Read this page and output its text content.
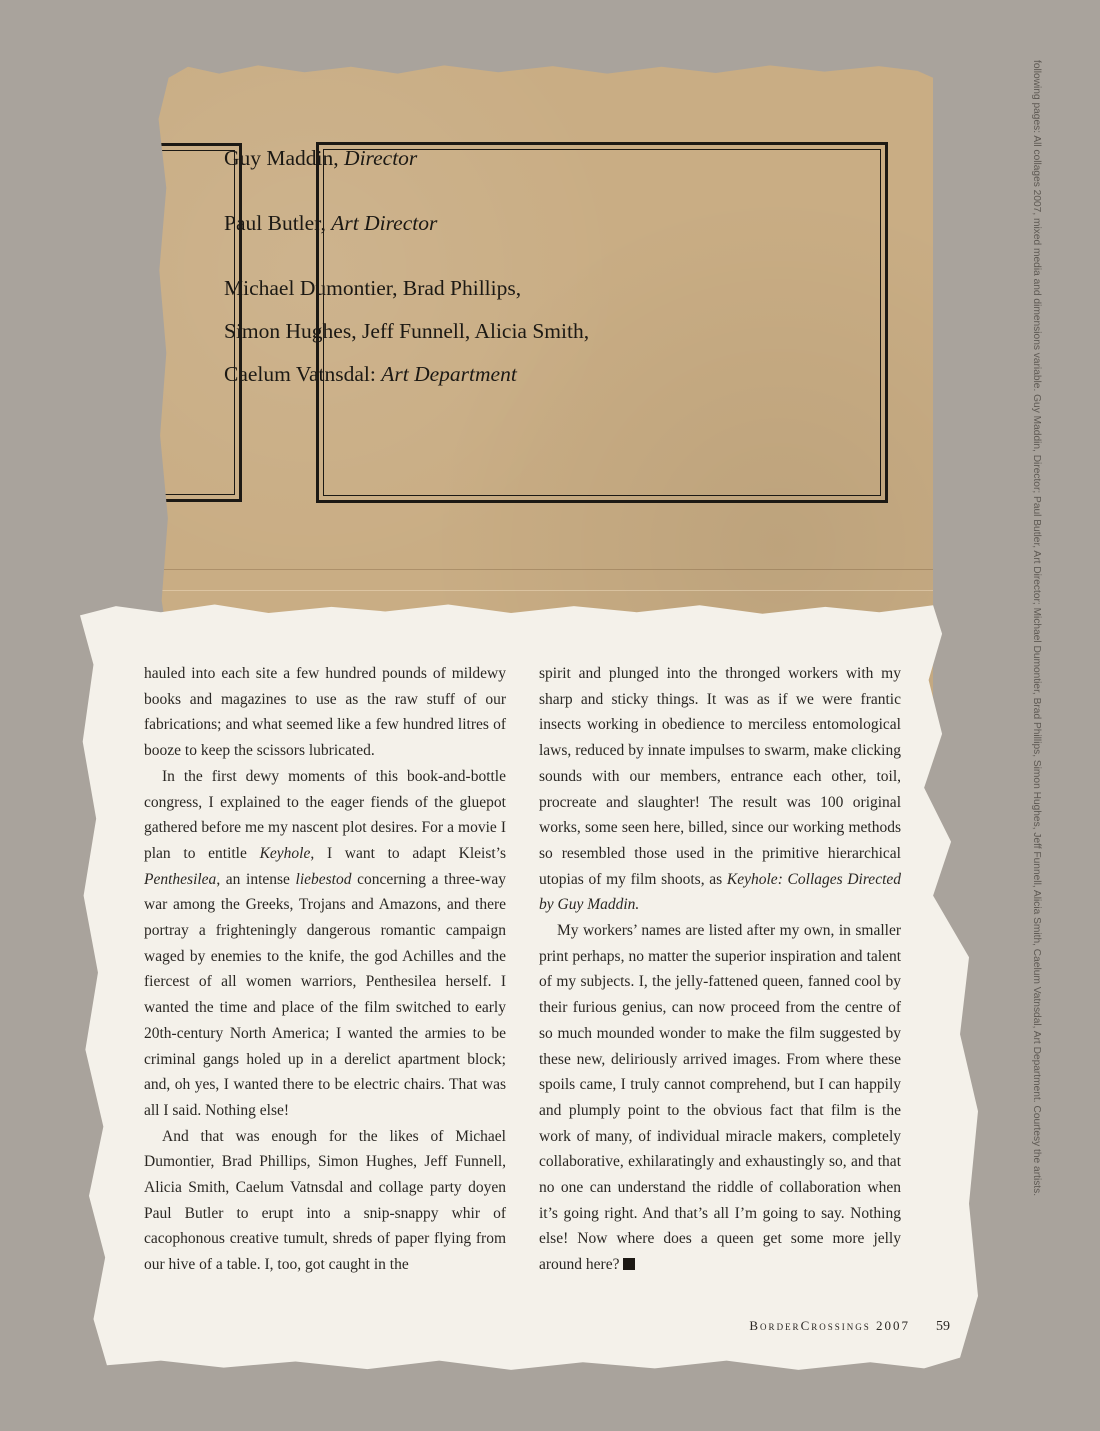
Guy Maddin, Director

Paul Butler, Art Director

Michael Dumontier, Brad Phillips,

Simon Hughes, Jeff Funnell, Alicia Smith,

Caelum Vatnsdal: Art Department

hauled into each site a few hundred pounds of mildewy books and magazines to use as the raw stuff of our fabrications; and what seemed like a few hundred litres of booze to keep the scissors lubricated.

In the first dewy moments of this book-and-bottle congress, I explained to the eager fiends of the gluepot gathered before me my nascent plot desires. For a movie I plan to entitle Keyhole, I want to adapt Kleist’s Penthesilea, an intense liebestod concerning a three-way war among the Greeks, Trojans and Amazons, and there portray a frighteningly dangerous romantic campaign waged by enemies to the knife, the god Achilles and the fiercest of all women warriors, Penthesilea herself. I wanted the time and place of the film switched to early 20th-century North America; I wanted the armies to be criminal gangs holed up in a derelict apartment block; and, oh yes, I wanted there to be electric chairs. That was all I said. Nothing else!

And that was enough for the likes of Michael Dumontier, Brad Phillips, Simon Hughes, Jeff Funnell, Alicia Smith, Caelum Vatnsdal and collage party doyen Paul Butler to erupt into a snip-snappy whir of cacophonous creative tumult, shreds of paper flying from our hive of a table. I, too, got caught in the

spirit and plunged into the thronged workers with my sharp and sticky things. It was as if we were frantic insects working in obedience to merciless entomological laws, reduced by innate impulses to swarm, make clicking sounds with our members, entrance each other, toil, procreate and slaughter! The result was 100 original works, some seen here, billed, since our working methods so resembled those used in the primitive hierarchical utopias of my film shoots, as Keyhole: Collages Directed by Guy Maddin.

My workers’ names are listed after my own, in smaller print perhaps, no matter the superior inspiration and talent of my subjects. I, the jelly-fattened queen, fanned cool by their furious genius, can now proceed from the centre of so much mounded wonder to make the film suggested by these new, deliriously arrived images. From where these spoils came, I truly cannot comprehend, but I can happily and plumply point to the obvious fact that film is the work of many, of individual miracle makers, completely collaborative, exhilaratingly and exhaustingly so, and that no one can understand the riddle of collaboration when it’s going right. And that’s all I’m going to say. Nothing else! Now where does a queen get some more jelly around here?

BorderCrossings 2007 59
following pages: All collages 2007, mixed media and dimensions variable. Guy Maddin, Director; Paul Butler, Art Director; Michael Dumontier, Brad Phillips, Simon Hughes, Jeff Funnell, Alicia Smith, Caelum Vatnsdal, Art Department. Courtesy the artists.
